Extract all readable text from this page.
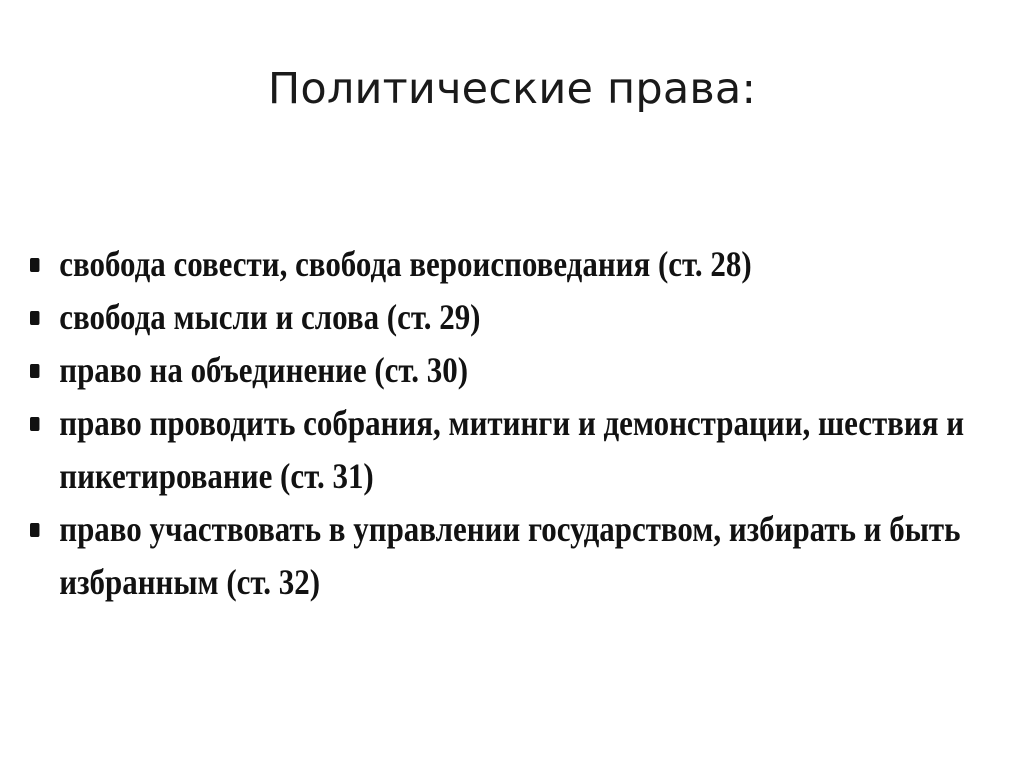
Политические права:
свобода совести, свобода вероисповедания (ст. 28)
свобода мысли и слова (ст. 29)
право на объединение (ст. 30)
право проводить собрания, митинги и демонстрации, шествия и пикетирование (ст. 31)
право участвовать в управлении государством, избирать и быть избранным (ст. 32)
